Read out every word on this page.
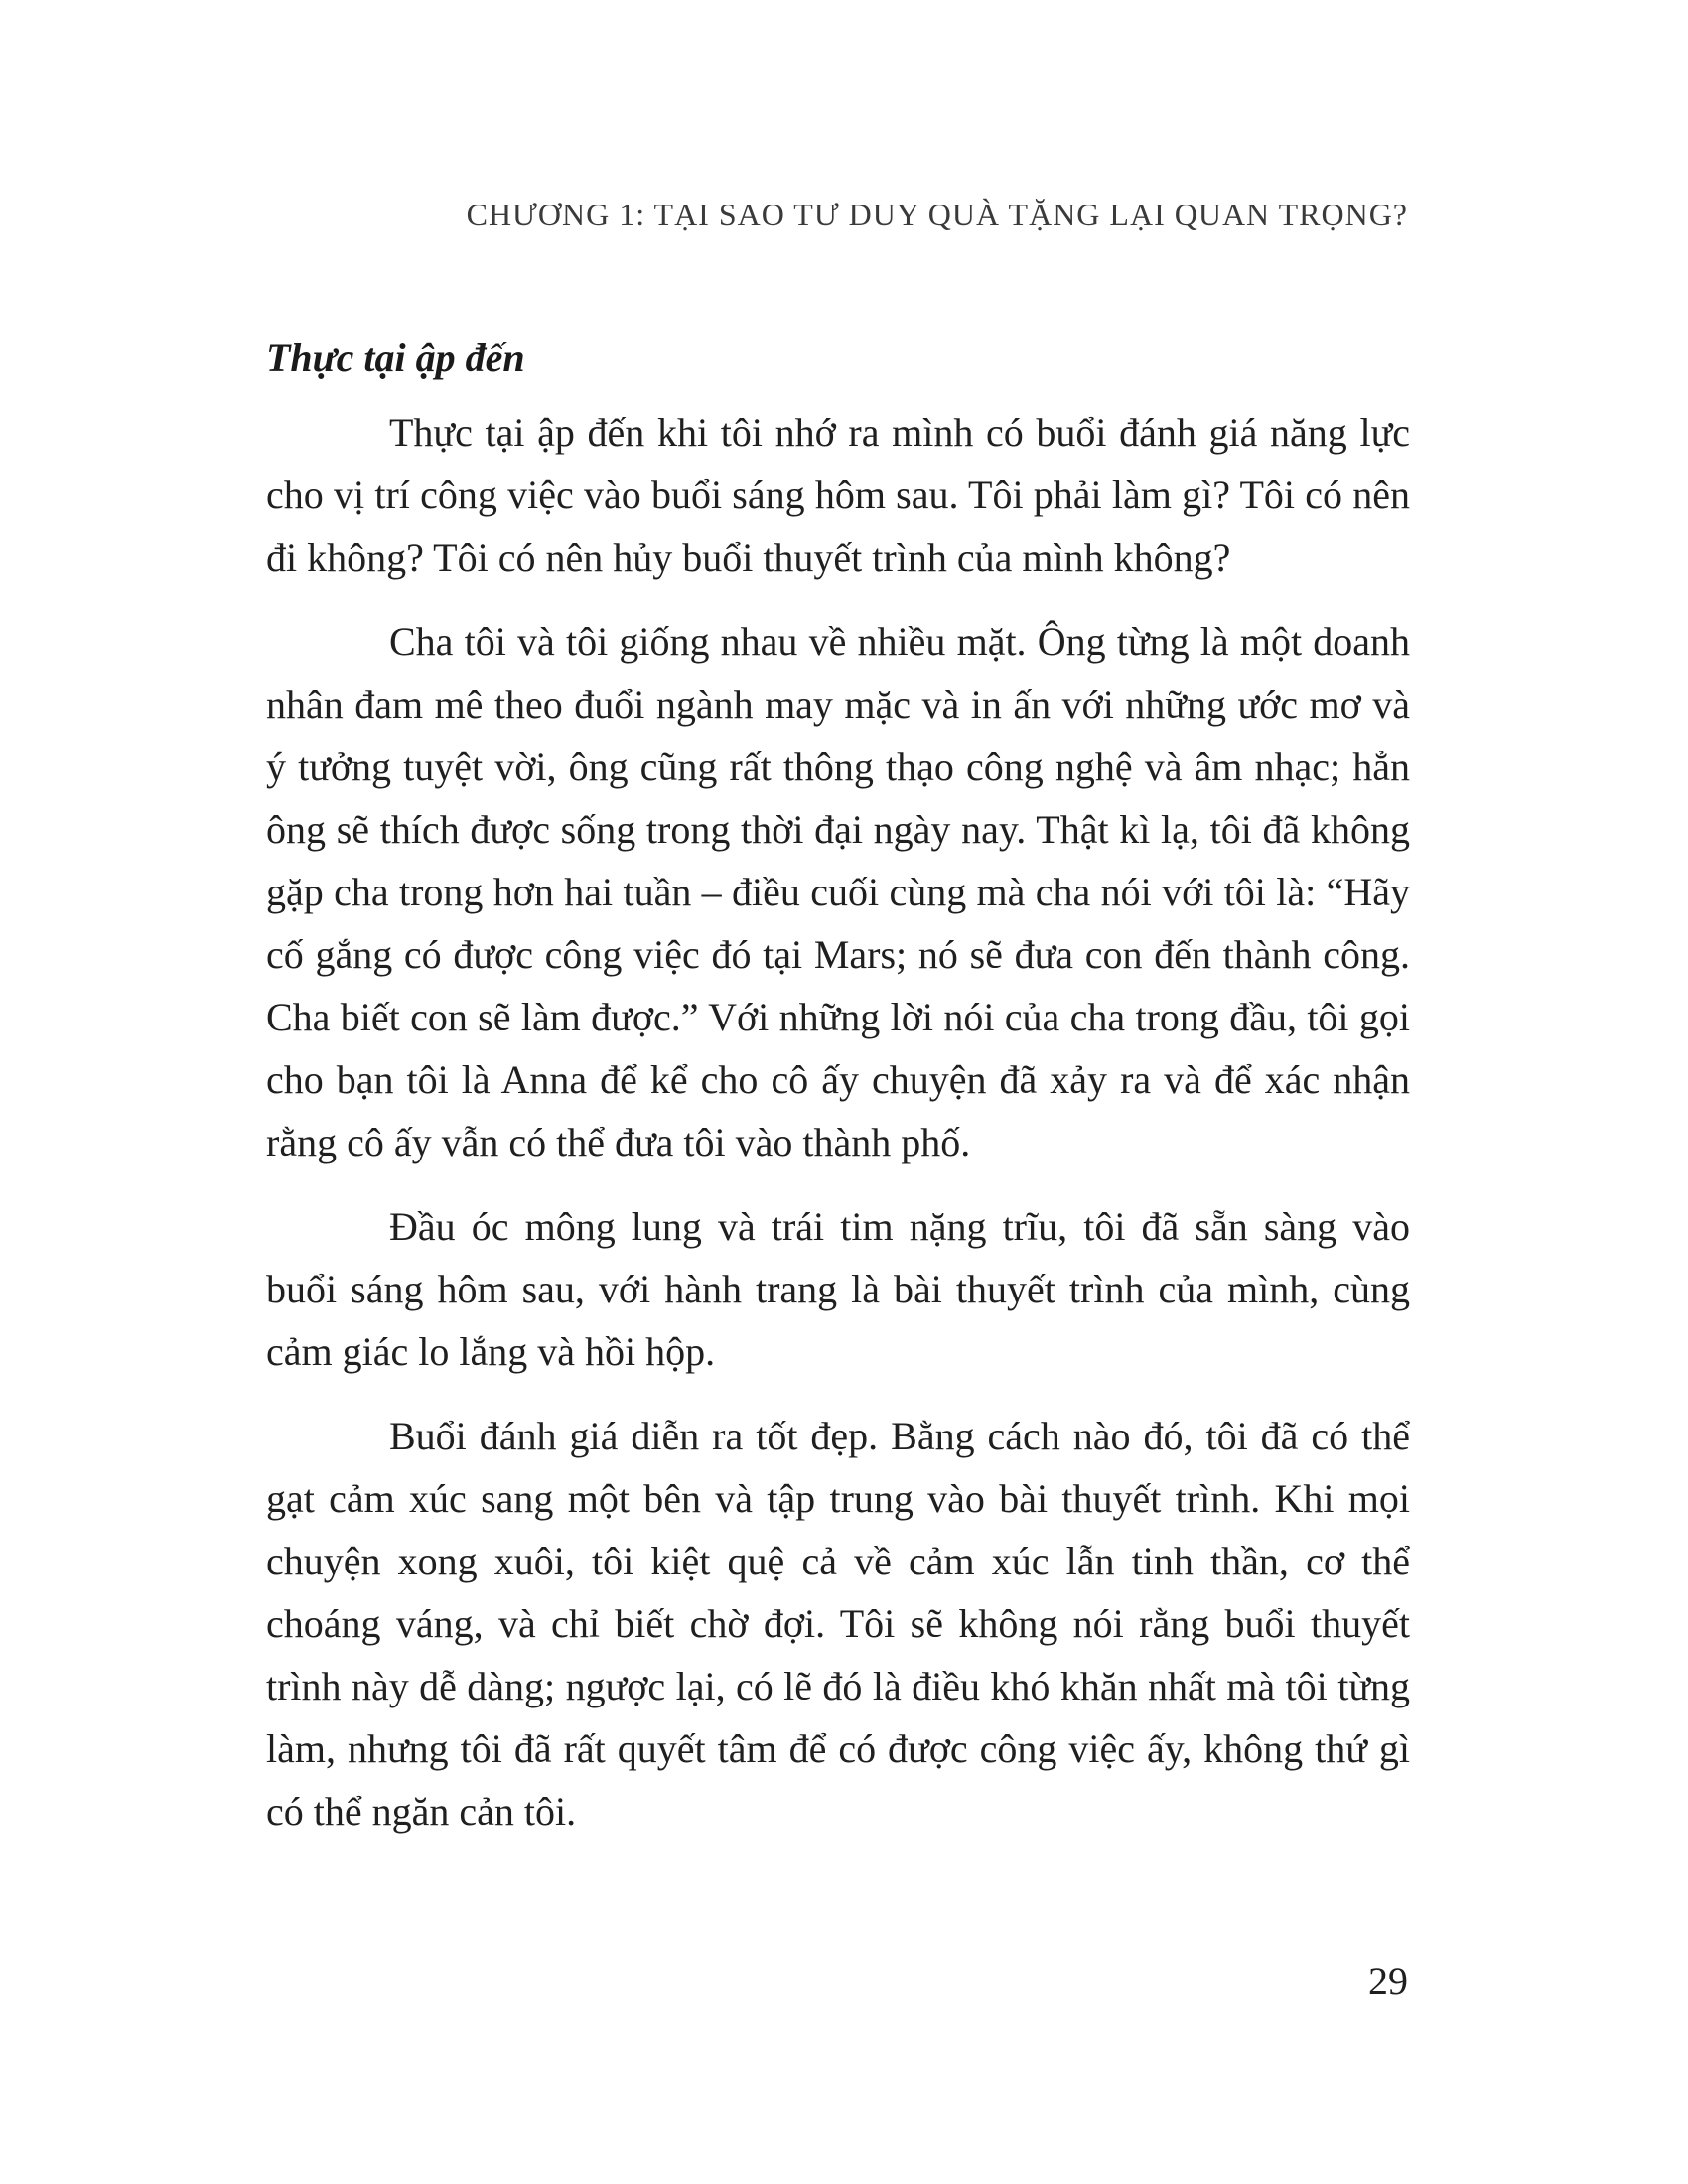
CHƯƠNG 1: TẠI SAO TƯ DUY QUÀ TẶNG LẠI QUAN TRỌNG?
Thực tại ập đến

Thực tại ập đến khi tôi nhớ ra mình có buổi đánh giá năng lực cho vị trí công việc vào buổi sáng hôm sau. Tôi phải làm gì? Tôi có nên đi không? Tôi có nên hủy buổi thuyết trình của mình không?

Cha tôi và tôi giống nhau về nhiều mặt. Ông từng là một doanh nhân đam mê theo đuổi ngành may mặc và in ấn với những ước mơ và ý tưởng tuyệt vời, ông cũng rất thông thạo công nghệ và âm nhạc; hẳn ông sẽ thích được sống trong thời đại ngày nay. Thật kì lạ, tôi đã không gặp cha trong hơn hai tuần – điều cuối cùng mà cha nói với tôi là: “Hãy cố gắng có được công việc đó tại Mars; nó sẽ đưa con đến thành công. Cha biết con sẽ làm được.” Với những lời nói của cha trong đầu, tôi gọi cho bạn tôi là Anna để kể cho cô ấy chuyện đã xảy ra và để xác nhận rằng cô ấy vẫn có thể đưa tôi vào thành phố.

Đầu óc mông lung và trái tim nặng trĩu, tôi đã sẵn sàng vào buổi sáng hôm sau, với hành trang là bài thuyết trình của mình, cùng cảm giác lo lắng và hồi hộp.

Buổi đánh giá diễn ra tốt đẹp. Bằng cách nào đó, tôi đã có thể gạt cảm xúc sang một bên và tập trung vào bài thuyết trình. Khi mọi chuyện xong xuôi, tôi kiệt quệ cả về cảm xúc lẫn tinh thần, cơ thể choáng váng, và chỉ biết chờ đợi. Tôi sẽ không nói rằng buổi thuyết trình này dễ dàng; ngược lại, có lẽ đó là điều khó khăn nhất mà tôi từng làm, nhưng tôi đã rất quyết tâm để có được công việc ấy, không thứ gì có thể ngăn cản tôi.

29
